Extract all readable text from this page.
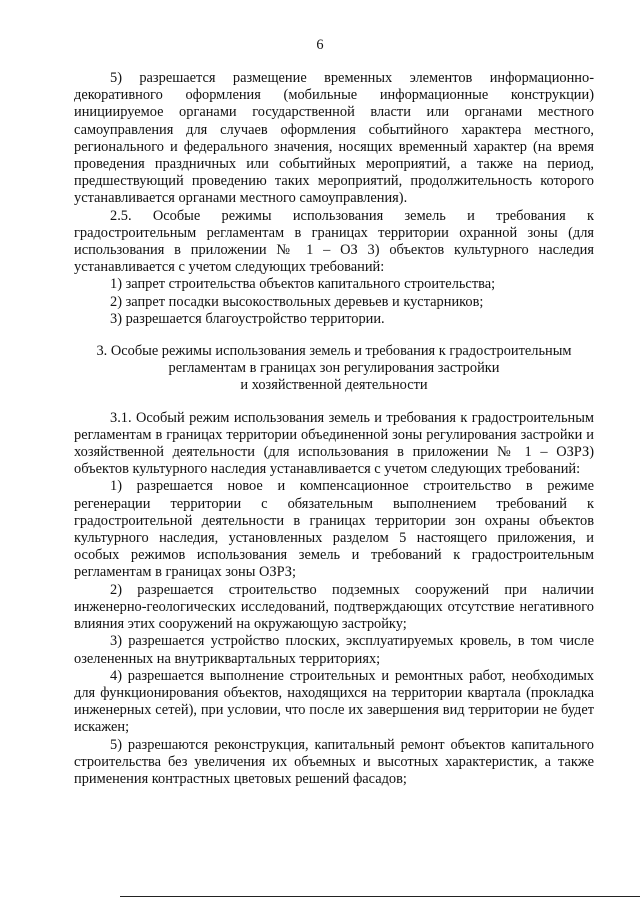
6

5) разрешается размещение временных элементов информационно-декоративного оформления (мобильные информационные конструкции) инициируемое органами государственной власти или органами местного самоуправления для случаев оформления событийного характера местного, регионального и федерального значения, носящих временный характер (на время проведения праздничных или событийных мероприятий, а также на период, предшествующий проведению таких мероприятий, продолжительность которого устанавливается органами местного самоуправления).

2.5. Особые режимы использования земель и требования к градостроительным регламентам в границах территории охранной зоны (для использования в приложении № 1 – ОЗ 3) объектов культурного наследия устанавливается с учетом следующих требований:

1) запрет строительства объектов капитального строительства;

2) запрет посадки высокоствольных деревьев и кустарников;

3) разрешается благоустройство территории.

3. Особые режимы использования земель и требования к градостроительным

регламентам в границах зон регулирования застройки

и хозяйственной деятельности

3.1. Особый режим использования земель и требования к градостроительным регламентам в границах территории объединенной зоны регулирования застройки и хозяйственной деятельности (для использования в приложении № 1 – ОЗРЗ) объектов культурного наследия устанавливается с учетом следующих требований:

1) разрешается новое и компенсационное строительство в режиме регенерации территории с обязательным выполнением требований к градостроительной деятельности в границах территории зон охраны объектов культурного наследия, установленных разделом 5 настоящего приложения, и особых режимов использования земель и требований к градостроительным регламентам в границах зоны ОЗРЗ;

2) разрешается строительство подземных сооружений при наличии инженерно-геологических исследований, подтверждающих отсутствие негативного влияния этих сооружений на окружающую застройку;

3) разрешается устройство плоских, эксплуатируемых кровель, в том числе озелененных на внутриквартальных территориях;

4) разрешается выполнение строительных и ремонтных работ, необходимых для функционирования объектов, находящихся на территории квартала (прокладка инженерных сетей), при условии, что после их завершения вид территории не будет искажен;

5) разрешаются реконструкция, капитальный ремонт объектов капитального строительства без увеличения их объемных и высотных характеристик, а также применения контрастных цветовых решений фасадов;
